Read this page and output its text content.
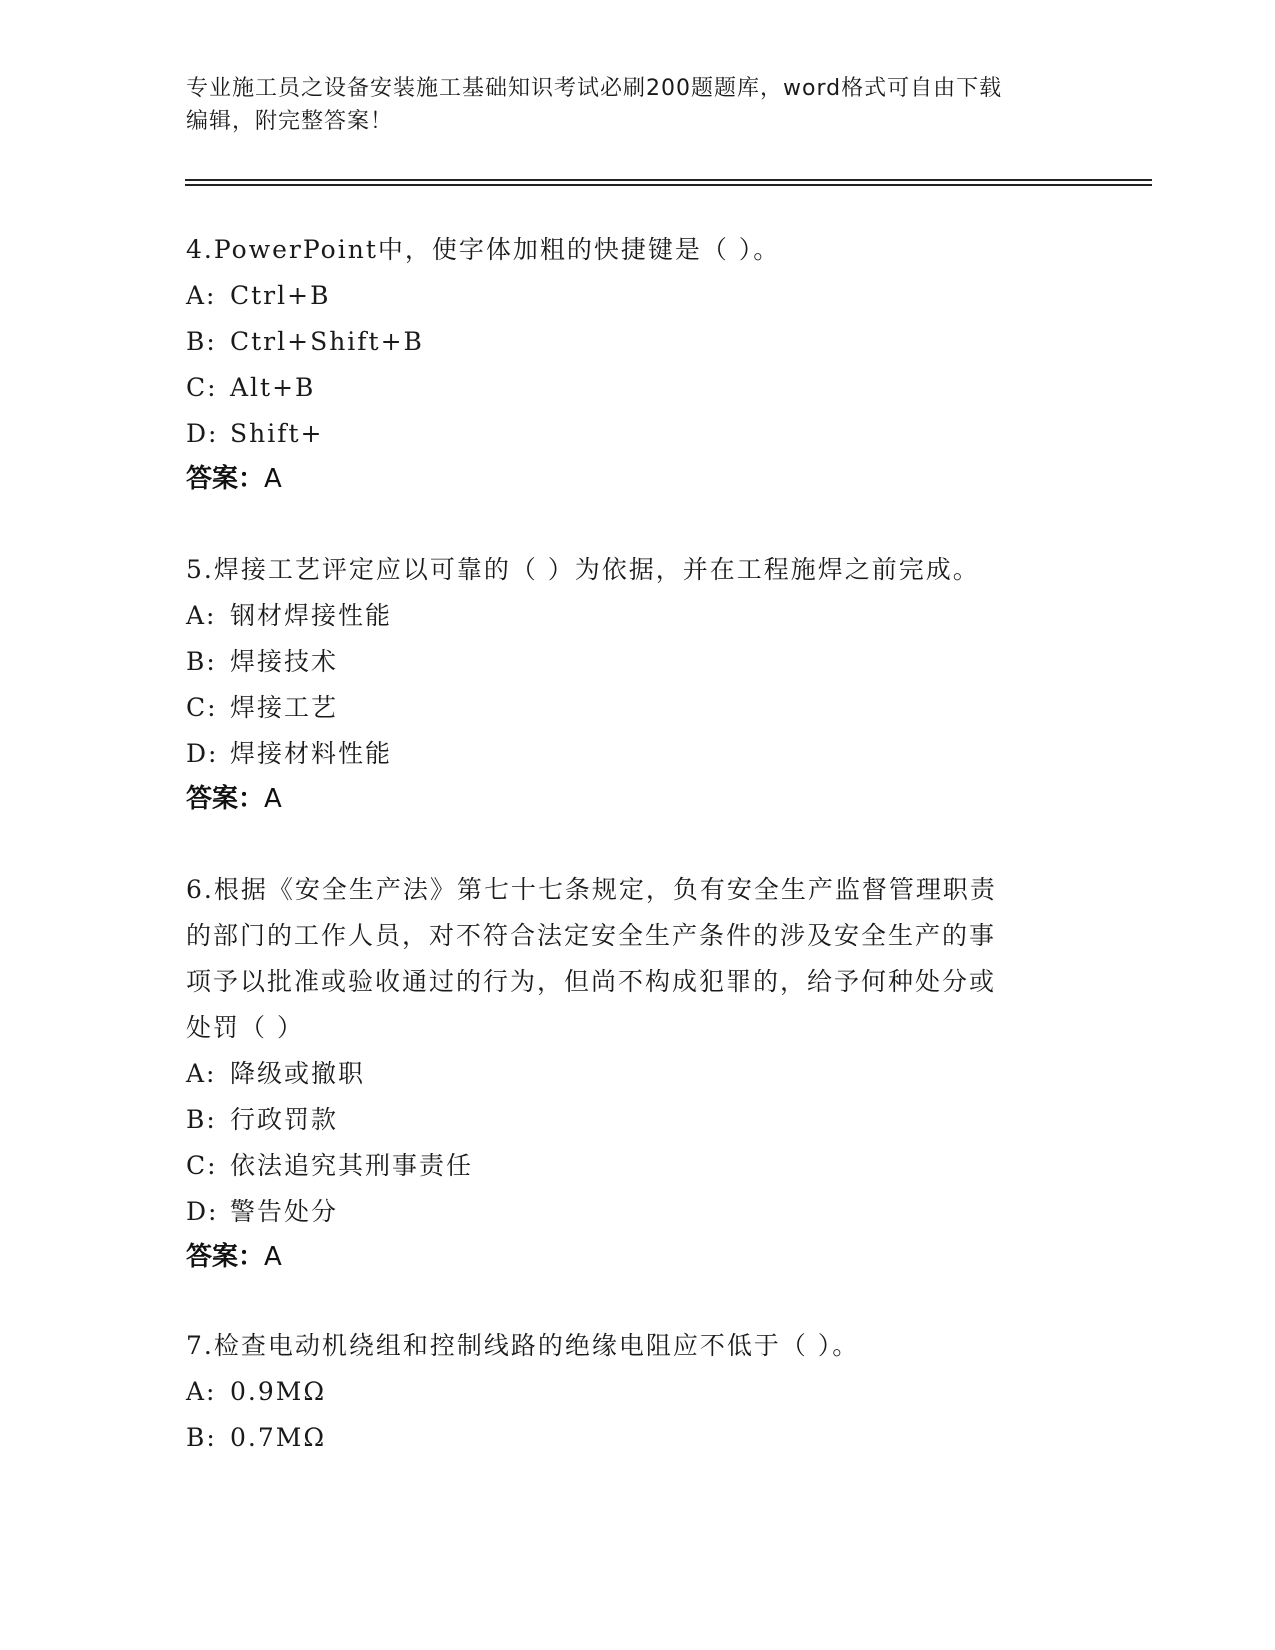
专业施工员之设备安装施工基础知识考试必刷200题题库，word格式可自由下载
编辑，附完整答案！
4.PowerPoint中，使字体加粗的快捷键是（ ）。
A: Ctrl+B
B: Ctrl+Shift+B
C: Alt+B
D: Shift+
答案：A
5.焊接工艺评定应以可靠的（ ）为依据，并在工程施焊之前完成。
A: 钢材焊接性能
B: 焊接技术
C: 焊接工艺
D: 焊接材料性能
答案：A
6.根据《安全生产法》第七十七条规定，负有安全生产监督管理职责
的部门的工作人员，对不符合法定安全生产条件的涉及安全生产的事
项予以批准或验收通过的行为，但尚不构成犯罪的，给予何种处分或
处罚（ ）
A: 降级或撤职
B: 行政罚款
C: 依法追究其刑事责任
D: 警告处分
答案：A
7.检查电动机绕组和控制线路的绝缘电阻应不低于（ ）。
A: 0.9MΩ
B: 0.7MΩ
